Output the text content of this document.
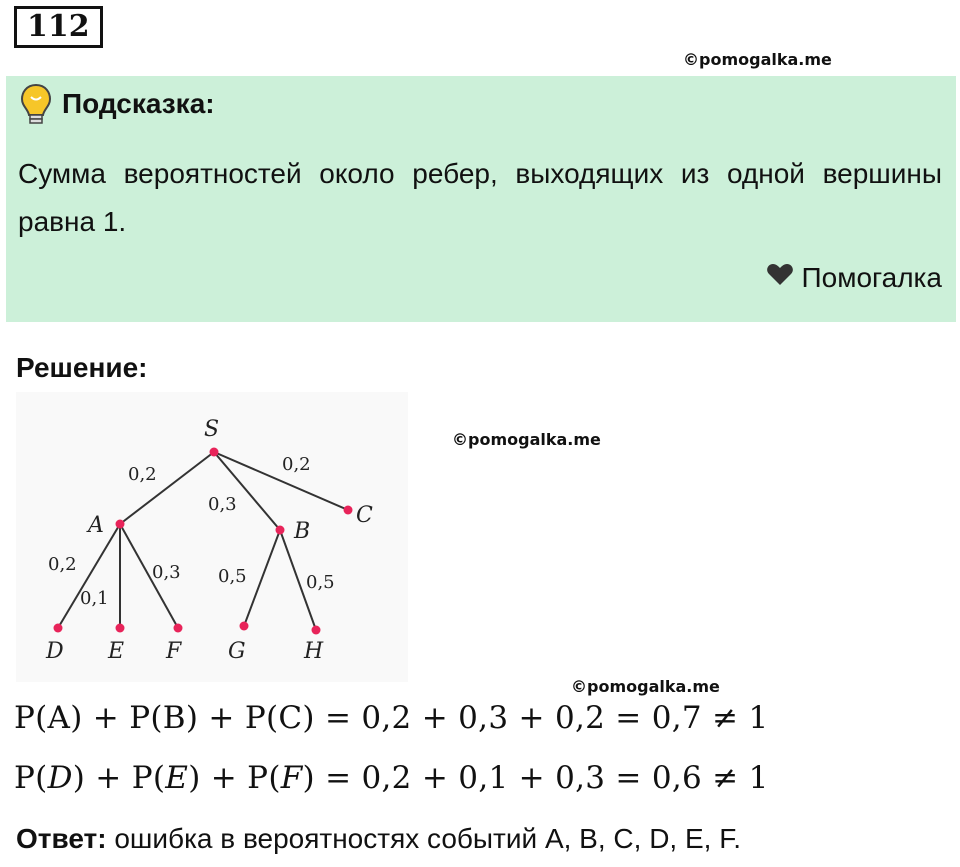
112
©pomogalka.me
Подсказка:
Сумма вероятностей около ребер, выходящих из одной вершины равна 1.
Помогалка
Решение:
S
A	B
C
D E F G	H
0,2
0,3
0,2
0,2
0,1
0,3 0,5	0,5
©pomogalka.me
©pomogalka.me
P(A) + P(B) + P(C) = 0,2 + 0,3 + 0,2 = 0,7 ≠ 1
P(D) + P(E) + P(F) = 0,2 + 0,1 + 0,3 = 0,6 ≠ 1
Ответ: ошибка в вероятностях событий A, B, C, D, E, F.
